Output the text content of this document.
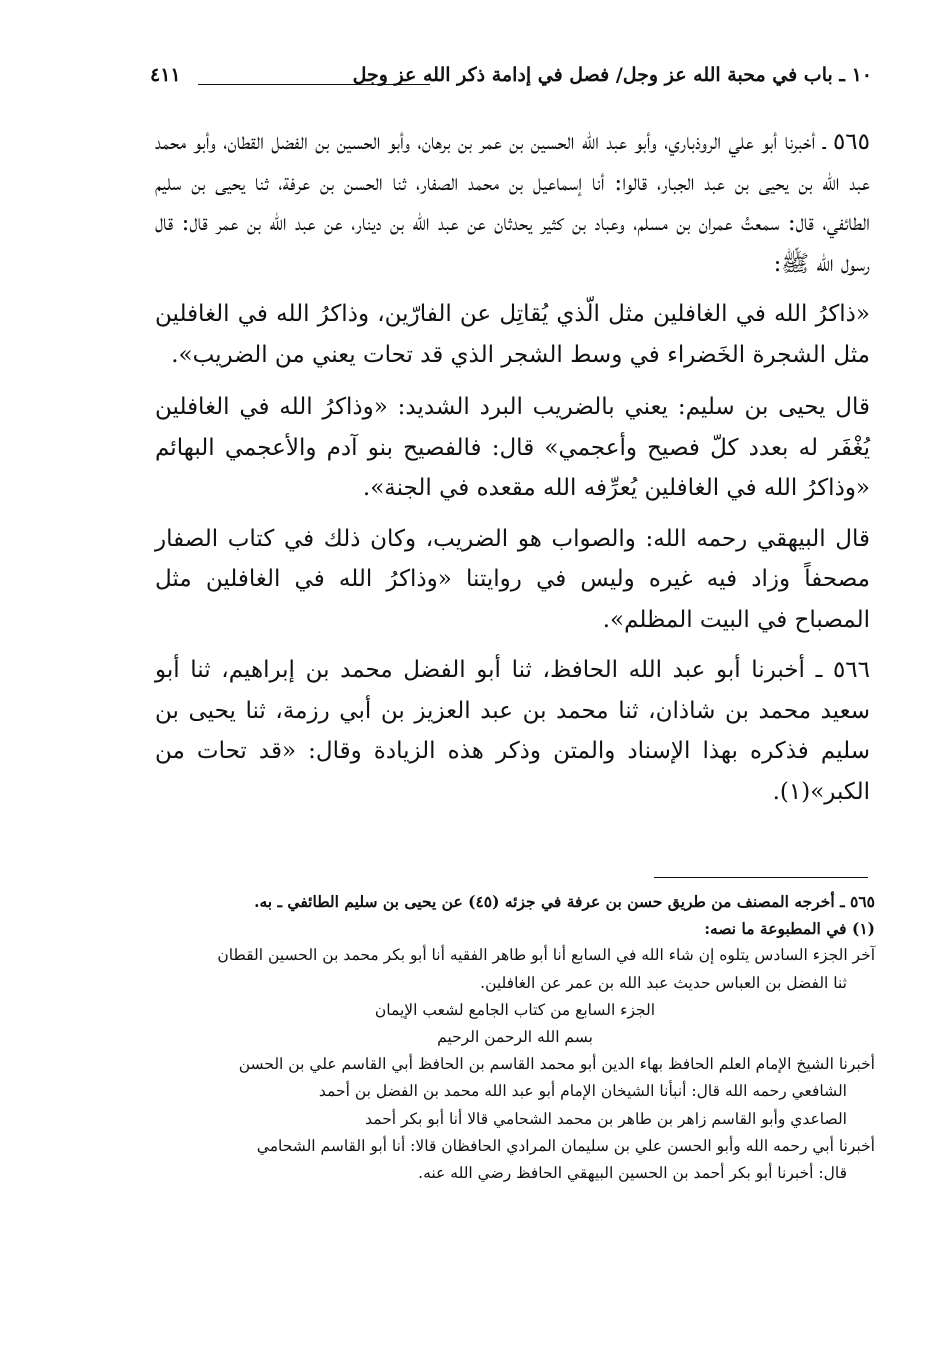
١٠ ـ باب في محبة الله عز وجل/ فصل في إدامة ذكر الله عز وجل
٤١١

٥٦٥ ـ أخبرنا أبو علي الروذباري، وأبو عبد الله الحسين بن عمر بن برهان، وأبو الحسين بن الفضل القطان، وأبو محمد عبد الله بن يحيى بن عبد الجبار، قالوا: أنا إسماعيل بن محمد الصفار، ثنا الحسن بن عرفة، ثنا يحيى بن سليم الطائفي، قال: سمعتُ عمران بن مسلم، وعباد بن كثير يحدثان عن عبد الله بن دينار، عن عبد الله بن عمر قال: قال رسول الله ﷺ:

«ذاكرُ الله في الغافلين مثل الّذي يُقاتِل عن الفارّين، وذاكرُ الله في الغافلين مثل الشجرة الخَضراء في وسط الشجر الذي قد تحات يعني من الضريب».

قال يحيى بن سليم: يعني بالضريب البرد الشديد: «وذاكرُ الله في الغافلين يُغْفَر له بعدد كلّ فصيح وأعجمي» قال: فالفصيح بنو آدم والأعجمي البهائم «وذاكرُ الله في الغافلين يُعرِّفه الله مقعده في الجنة».

قال البيهقي رحمه الله: والصواب هو الضريب، وكان ذلك في كتاب الصفار مصحفاً وزاد فيه غيره وليس في روايتنا «وذاكرُ الله في الغافلين مثل المصباح في البيت المظلم».

٥٦٦ ـ أخبرنا أبو عبد الله الحافظ، ثنا أبو الفضل محمد بن إبراهيم، ثنا أبو سعيد محمد بن شاذان، ثنا محمد بن عبد العزيز بن أبي رزمة، ثنا يحيى بن سليم فذكره بهذا الإسناد والمتن وذكر هذه الزيادة وقال: «قد تحات من الكبر»(١).

٥٦٥ ـ أخرجه المصنف من طريق حسن بن عرفة في جزئه (٤٥) عن يحيى بن سليم الطائفي ـ به.

(١) في المطبوعة ما نصه:

آخر الجزء السادس يتلوه إن شاء الله في السابع أنا أبو طاهر الفقيه أنا أبو بكر محمد بن الحسين القطان

ثنا الفضل بن العباس حديث عبد الله بن عمر عن الغافلين.

الجزء السابع من كتاب الجامع لشعب الإيمان

بسم الله الرحمن الرحيم

أخبرنا الشيخ الإمام العلم الحافظ بهاء الدين أبو محمد القاسم بن الحافظ أبي القاسم علي بن الحسن

الشافعي رحمه الله قال: أنبأنا الشيخان الإمام أبو عبد الله محمد بن الفضل بن أحمد

الصاعدي وأبو القاسم زاهر بن طاهر بن محمد الشحامي قالا أنا أبو بكر أحمد

أخبرنا أبي رحمه الله وأبو الحسن علي بن سليمان المرادي الحافظان قالا: أنا أبو القاسم الشحامي

قال: أخبرنا أبو بكر أحمد بن الحسين البيهقي الحافظ رضي الله عنه.
